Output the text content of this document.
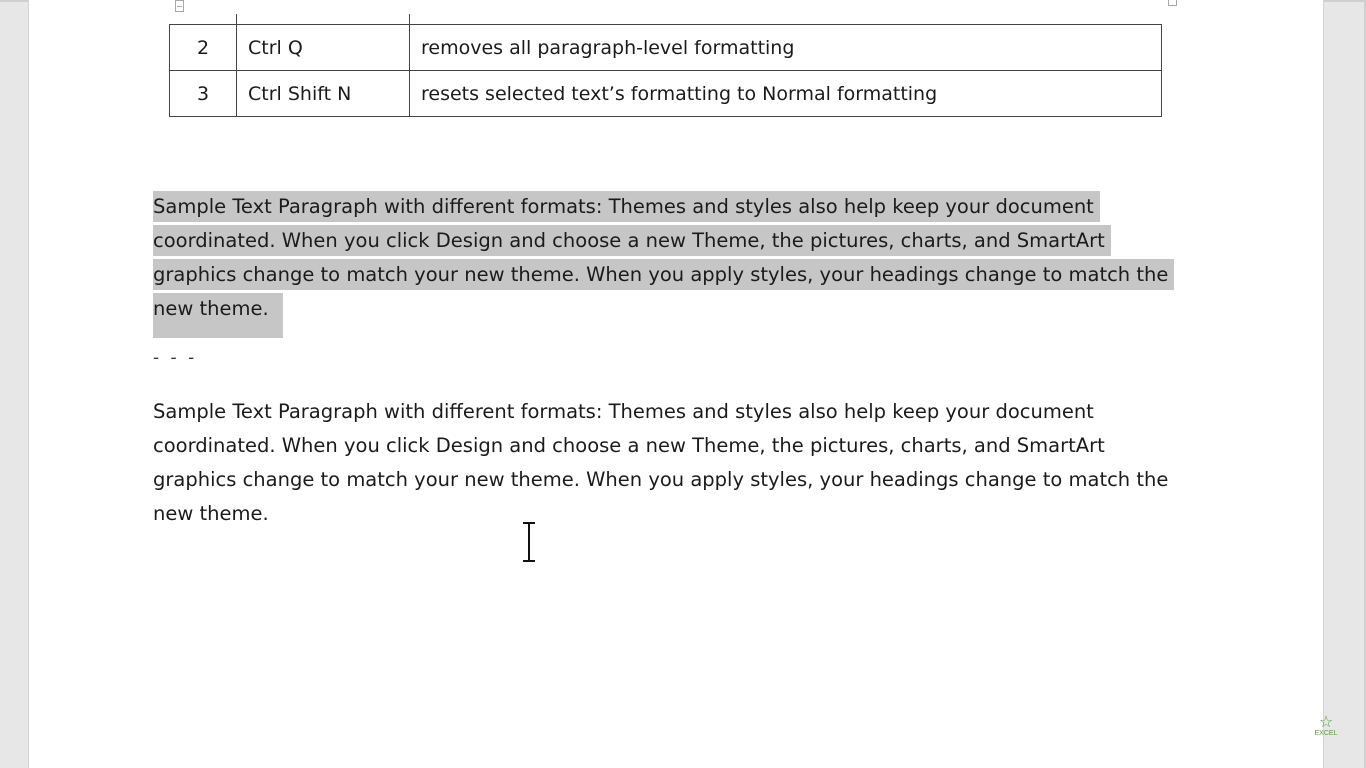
2	Ctrl Q	removes all paragraph-level formatting
3	Ctrl Shift N	resets selected text’s formatting to Normal formatting
Sample Text Paragraph with different formats: Themes and styles also help keep your document
coordinated. When you click Design and choose a new Theme, the pictures, charts, and SmartArt
graphics change to match your new theme. When you apply styles, your headings change to match the
new theme.
- - -
Sample Text Paragraph with different formats: Themes and styles also help keep your document
coordinated. When you click Design and choose a new Theme, the pictures, charts, and SmartArt
graphics change to match your new theme. When you apply styles, your headings change to match the
new theme.
☆
EXCEL
